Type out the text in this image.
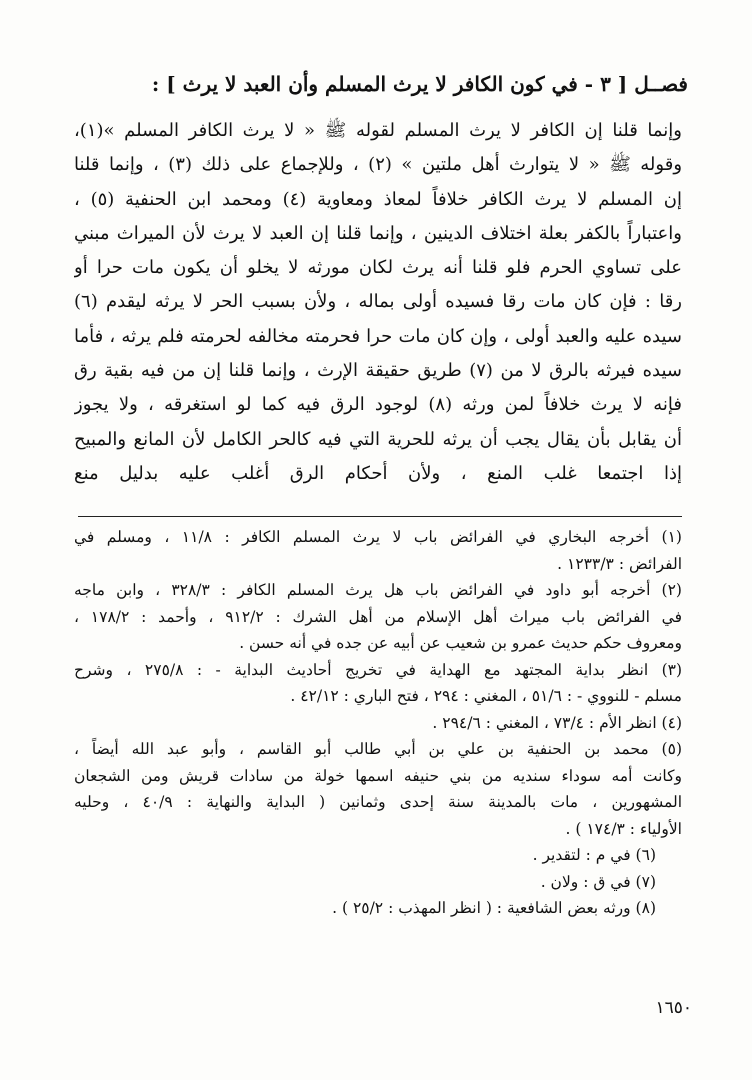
فصــل [ ٣ - في كون الكافر لا يرث المسلم وأن العبد لا يرث ] :
وإنما قلنا إن الكافر لا يرث المسلم لقوله ﷺ « لا يرث الكافر المسلم »(١)،
وقوله ﷺ « لا يتوارث أهل ملتين » (٢) ، وللإجماع على ذلك (٣) ، وإنما قلنا
إن المسلم لا يرث الكافر خلافاً لمعاذ ومعاوية (٤) ومحمد ابن الحنفية (٥) ،
واعتباراً بالكفر بعلة اختلاف الدينين ، وإنما قلنا إن العبد لا يرث لأن الميراث مبني
على تساوي الحرم فلو قلنا أنه يرث لكان مورثه لا يخلو أن يكون مات حرا أو
رقا : فإن كان مات رقا فسيده أولى بماله ، ولأن بسبب الحر لا يرثه ليقدم (٦)
سيده عليه والعبد أولى ، وإن كان مات حرا فحرمته مخالفه لحرمته فلم يرثه ، فأما
سيده فيرثه بالرق لا من (٧) طريق حقيقة الإرث ، وإنما قلنا إن من فيه بقية رق
فإنه لا يرث خلافاً لمن ورثه (٨) لوجود الرق فيه كما لو استغرقه ، ولا يجوز
أن يقابل بأن يقال يجب أن يرثه للحرية التي فيه كالحر الكامل لأن المانع والمبيح
إذا اجتمعا غلب المنع ، ولأن أحكام الرق أغلب عليه بدليل منع
(١) أخرجه البخاري في الفرائض باب لا يرث المسلم الكافر : ١١/٨ ، ومسلم في
الفرائض : ١٢٣٣/٣ .
(٢) أخرجه أبو داود في الفرائض باب هل يرث المسلم الكافر : ٣٢٨/٣ ، وابن ماجه
في الفرائض باب ميراث أهل الإسلام من أهل الشرك : ٩١٢/٢ ، وأحمد : ١٧٨/٢ ،
ومعروف حكم حديث عمرو بن شعيب عن أبيه عن جده في أنه حسن .
(٣) انظر بداية المجتهد مع الهداية في تخريج أحاديث البداية - : ٢٧٥/٨ ، وشرح
مسلم - للنووي - : ٥١/٦ ، المغني : ٢٩٤ ، فتح الباري : ٤٢/١٢ .
(٤) انظر الأم : ٧٣/٤ ، المغني : ٢٩٤/٦ .
(٥) محمد بن الحنفية بن علي بن أبي طالب أبو القاسم ، وأبو عبد الله أيضاً ،
وكانت أمه سوداء سنديه من بني حنيفه اسمها خولة من سادات قريش ومن الشجعان
المشهورين ، مات بالمدينة سنة إحدى وثمانين ( البداية والنهاية : ٤٠/٩ ، وحليه
الأولياء : ١٧٤/٣ ) .
(٦) في م : لتقدير .
(٧) في ق : ولان .
(٨) ورثه بعض الشافعية : ( انظر المهذب : ٢٥/٢ ) .
١٦٥٠
